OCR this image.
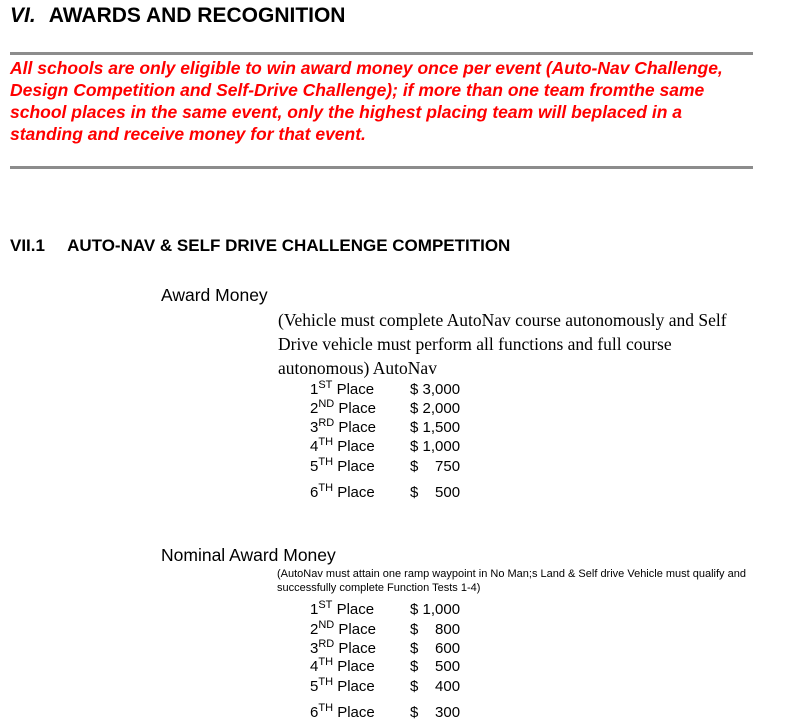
VI. AWARDS AND RECOGNITION
All schools are only eligible to win award money once per event (Auto-Nav Challenge, Design Competition and Self-Drive Challenge); if more than one team fromthe same school places in the same event, only the highest placing team will beplaced in a standing and receive money for that event.
VII.1 AUTO-NAV & SELF DRIVE CHALLENGE COMPETITION
Award Money
(Vehicle must complete AutoNav course autonomously and Self Drive vehicle must perform all functions and full course autonomous) AutoNav
1ST Place $ 3,000
2ND Place $ 2,000
3RD Place $ 1,500
4TH Place $ 1,000
5TH Place $    750
6TH Place $    500
Nominal Award Money
(AutoNav must attain one ramp waypoint in No Man;s Land & Self drive Vehicle must qualify and successfully complete Function Tests 1-4)
1ST Place $ 1,000
2ND Place $    800
3RD Place $    600
4TH Place $    500
5TH Place $    400
6TH Place $    300
